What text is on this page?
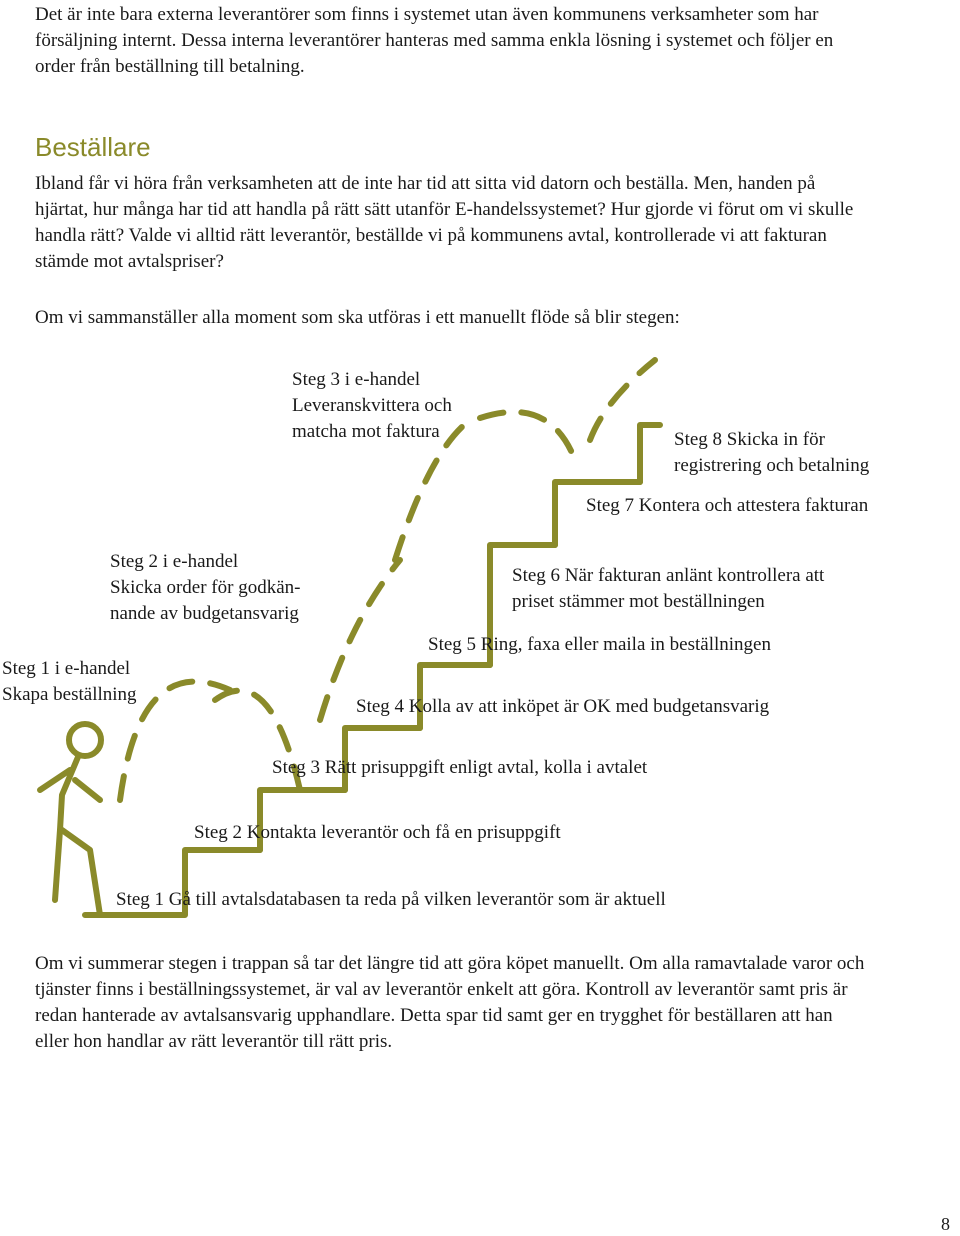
Det är inte bara externa leverantörer som finns i systemet utan även kommunens verksamheter som har försäljning internt. Dessa interna leverantörer hanteras med samma enkla lösning i systemet och följer en order från beställning till betalning.

Beställare

Ibland får vi höra från verksamheten att de inte har tid att sitta vid datorn och beställa. Men, handen på hjärtat, hur många har tid att handla på rätt sätt utanför E-handelssystemet? Hur gjorde vi förut om vi skulle handla rätt? Valde vi alltid rätt leverantör, beställde vi på kommunens avtal, kontrollerade vi att fakturan stämde mot avtalspriser?

Om vi sammanställer alla moment som ska utföras i ett manuellt flöde så blir stegen:

Steg 1 i e-handel
Skapa beställning
Steg 2 i e-handel
Skicka order för godkän-
nande av budgetansvarig
Steg 3 i e-handel
Leveranskvittera och
matcha mot faktura

Steg 1 Gå till avtalsdatabasen ta reda på vilken leverantör som är aktuell

Steg 2 Kontakta leverantör och få en prisuppgift

Steg 3 Rätt prisuppgift enligt avtal, kolla i avtalet

Steg 4 Kolla av att inköpet är OK med budgetansvarig

Steg 5 Ring, faxa eller maila in beställningen

Steg 6 När fakturan anlänt kontrollera att
priset stämmer mot beställningen

Steg 7 Kontera och attestera fakturan

Steg 8 Skicka in för
registrering och betalning

Om vi summerar stegen i trappan så tar det längre tid att göra köpet manuellt. Om alla ramavtalade varor och tjänster finns i beställningssystemet, är val av leverantör enkelt att göra. Kontroll av leverantör samt pris är redan hanterade av avtalsansvarig upphandlare. Detta spar tid samt ger en trygghet för beställaren att han eller hon handlar av rätt leverantör till rätt pris.

8
